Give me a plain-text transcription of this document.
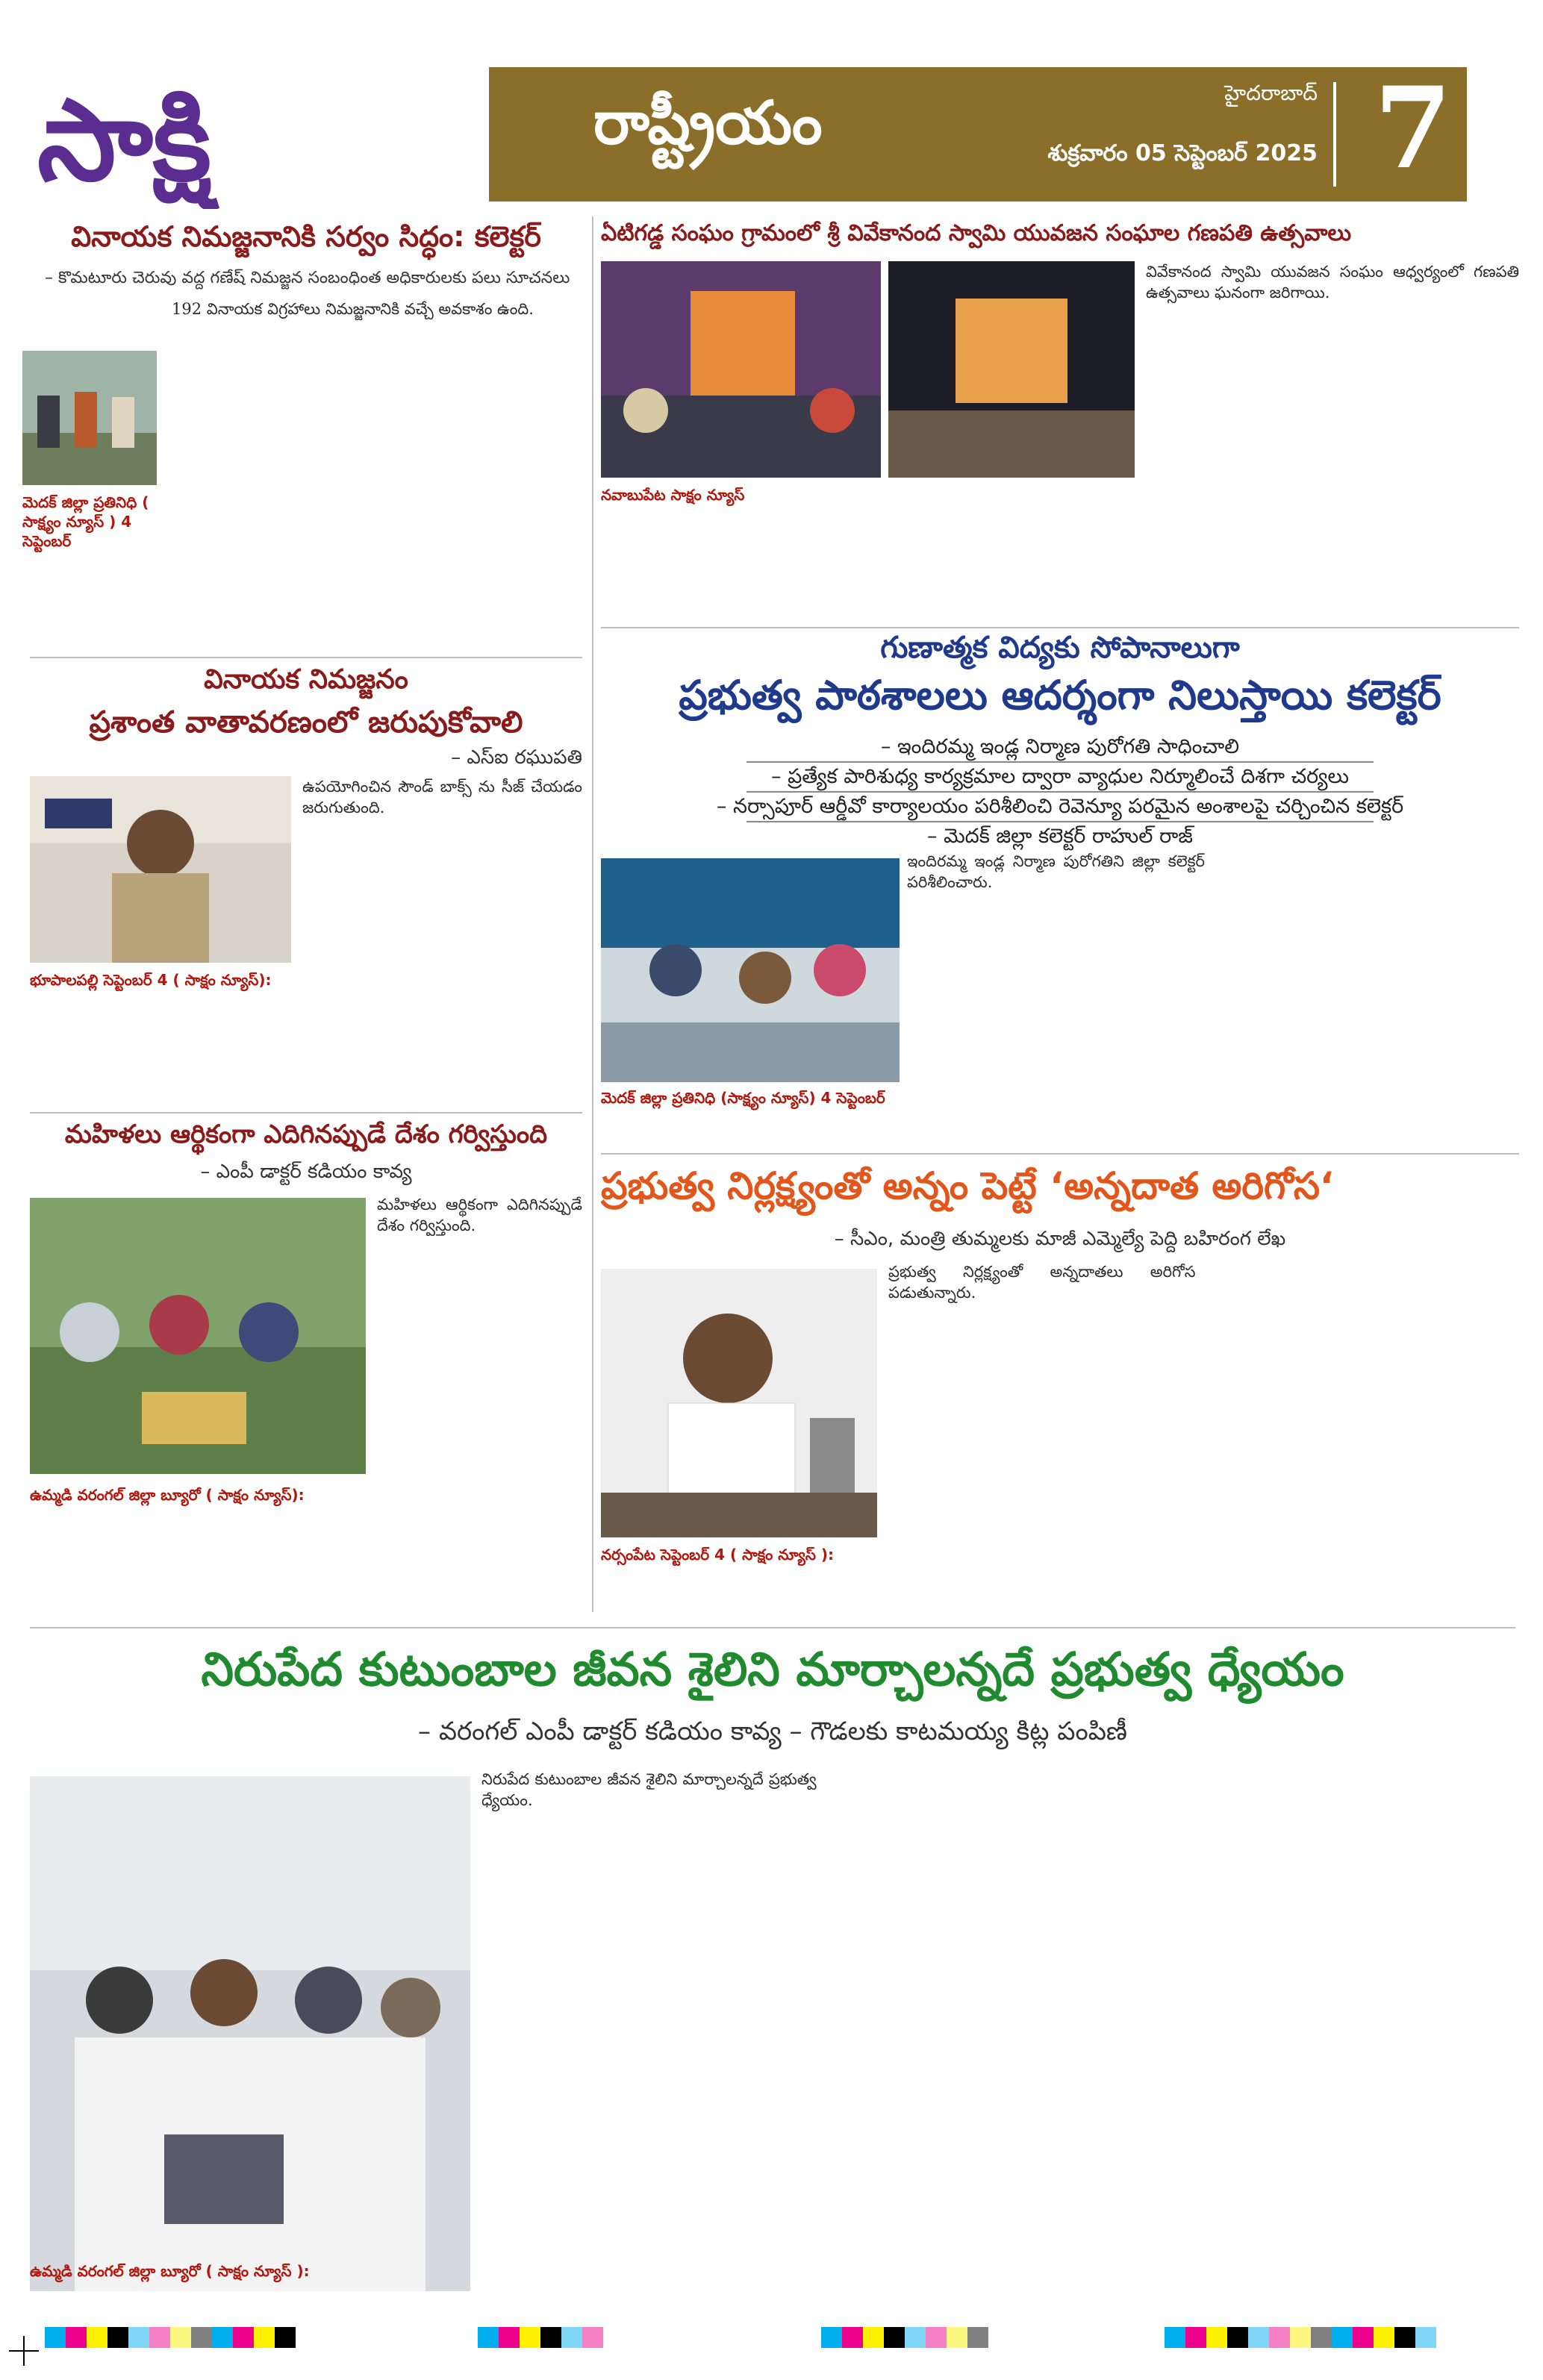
సాక్షి	రాష్ట్రీయం	హైదరాబాద్
శుక్రవారం 05 సెప్టెంబర్ 2025 7
వినాయక నిమజ్జనానికి సర్వం సిద్ధం: కలెక్టర్
– కొమటూరు చెరువు వద్ద గణేష్ నిమజ్జన సంబంధింత అధికారులకు పలు సూచనలు
మెదక్ జిల్లా ప్రతినిధి ( సాక్ష్యం న్యూస్ ) 4 సెప్టెంబర్
192 వినాయక విగ్రహాలు నిమజ్జనానికి వచ్చే అవకాశం ఉంది.
వినాయక నిమజ్జనం
ప్రశాంత వాతావరణంలో జరుపుకోవాలి
– ఎస్ఐ రఘుపతి
భూపాలపల్లి సెప్టెంబర్ 4 ( సాక్షం న్యూస్):
ఉపయోగించిన సౌండ్ బాక్స్ ను సీజ్ చేయడం జరుగుతుంది.
మహిళలు ఆర్థికంగా ఎదిగినప్పుడే దేశం గర్విస్తుంది
– ఎంపీ డాక్టర్ కడియం కావ్య
ఉమ్మడి వరంగల్ జిల్లా బ్యూరో ( సాక్షం న్యూస్):
మహిళలు ఆర్థికంగా ఎదిగినప్పుడే దేశం గర్విస్తుంది.
ఏటిగడ్డ సంఘం గ్రామంలో శ్రీ వివేకానంద స్వామి యువజన సంఘాల గణపతి ఉత్సవాలు
నవాబుపేట సాక్షం న్యూస్
వివేకానంద స్వామి యువజన సంఘం ఆధ్వర్యంలో గణపతి ఉత్సవాలు ఘనంగా జరిగాయి.
గుణాత్మక విద్యకు సోపానాలుగా
ప్రభుత్వ పాఠశాలలు ఆదర్శంగా నిలుస్తాయి కలెక్టర్
– ఇందిరమ్మ ఇండ్ల నిర్మాణ పురోగతి సాధించాలి
– ప్రత్యేక పారిశుధ్య కార్యక్రమాల ద్వారా వ్యాధుల నిర్మూలించే దిశగా చర్యలు
– నర్సాపూర్ ఆర్డీవో కార్యాలయం పరిశీలించి రెవెన్యూ పరమైన అంశాలపై చర్చించిన కలెక్టర్
– మెదక్ జిల్లా కలెక్టర్ రాహుల్ రాజ్
మెదక్ జిల్లా ప్రతినిధి (సాక్ష్యం న్యూస్) 4 సెప్టెంబర్
ఇందిరమ్మ ఇండ్ల నిర్మాణ పురోగతిని జిల్లా కలెక్టర్ పరిశీలించారు.
ప్రభుత్వ నిర్లక్ష్యంతో అన్నం పెట్టే ‘అన్నదాత అరిగోస‘
– సీఎం, మంత్రి తుమ్మలకు మాజీ ఎమ్మెల్యే పెద్ది బహిరంగ లేఖ
నర్సంపేట సెప్టెంబర్ 4 ( సాక్షం న్యూస్ ):
ప్రభుత్వ నిర్లక్ష్యంతో అన్నదాతలు అరిగోస పడుతున్నారు.
నిరుపేద కుటుంబాల జీవన శైలిని మార్చాలన్నదే ప్రభుత్వ ధ్యేయం
– వరంగల్ ఎంపీ డాక్టర్ కడియం కావ్య – గౌడలకు కాటమయ్య కిట్ల పంపిణీ
ఉమ్మడి వరంగల్ జిల్లా బ్యూరో ( సాక్షం న్యూస్ ):
నిరుపేద కుటుంబాల జీవన శైలిని మార్చాలన్నదే ప్రభుత్వ ధ్యేయం.
